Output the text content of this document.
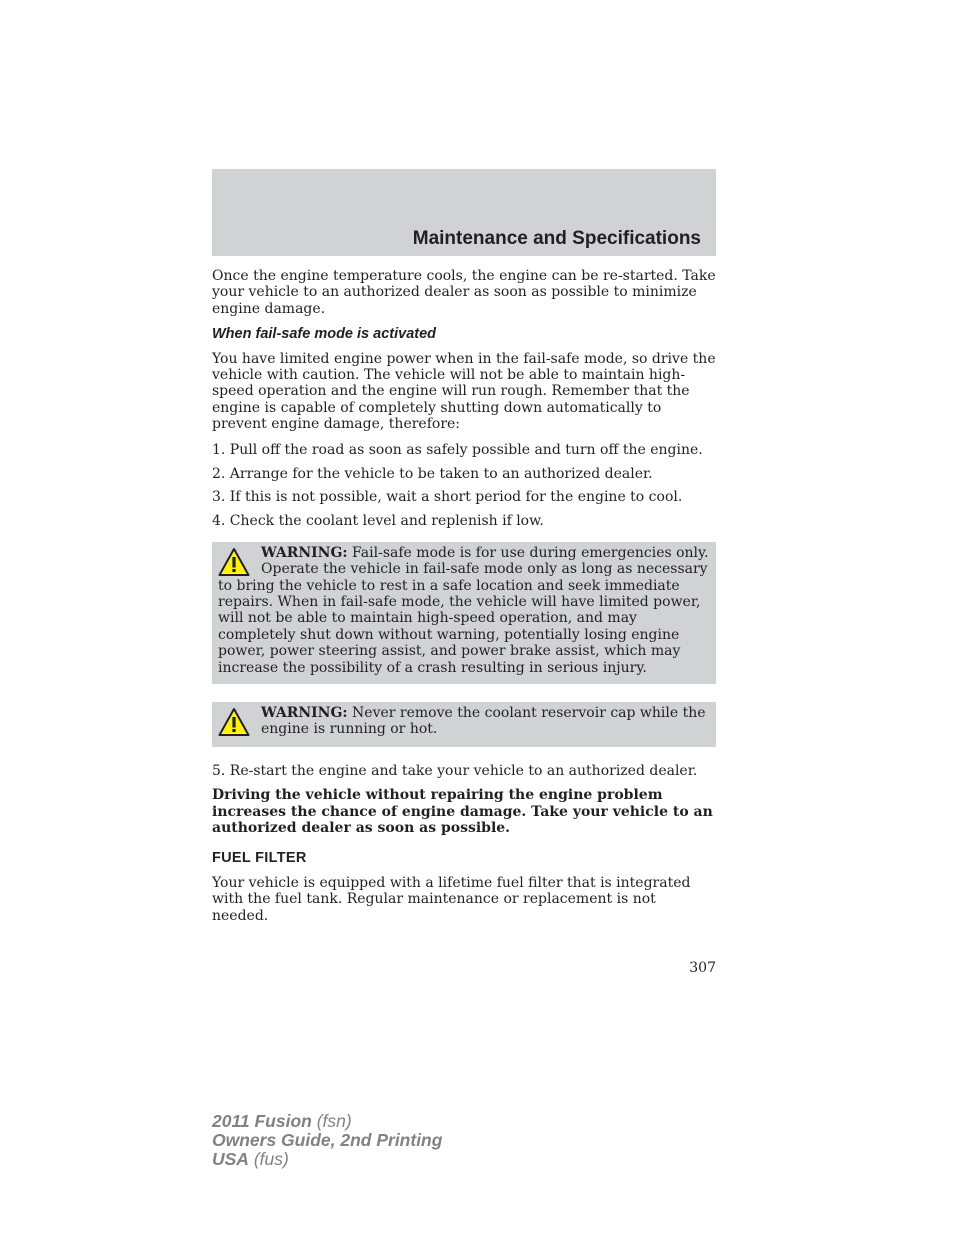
Maintenance and Specifications

Once the engine temperature cools, the engine can be re-started. Take your vehicle to an authorized dealer as soon as possible to minimize engine damage.

When fail-safe mode is activated

You have limited engine power when in the fail-safe mode, so drive the vehicle with caution. The vehicle will not be able to maintain high-speed operation and the engine will run rough. Remember that the engine is capable of completely shutting down automatically to prevent engine damage, therefore:

1. Pull off the road as soon as safely possible and turn off the engine.

2. Arrange for the vehicle to be taken to an authorized dealer.

3. If this is not possible, wait a short period for the engine to cool.

4. Check the coolant level and replenish if low.

WARNING: Fail-safe mode is for use during emergencies only. Operate the vehicle in fail-safe mode only as long as necessary to bring the vehicle to rest in a safe location and seek immediate repairs. When in fail-safe mode, the vehicle will have limited power, will not be able to maintain high-speed operation, and may completely shut down without warning, potentially losing engine power, power steering assist, and power brake assist, which may increase the possibility of a crash resulting in serious injury.
WARNING: Never remove the coolant reservoir cap while the engine is running or hot.

5. Re-start the engine and take your vehicle to an authorized dealer.

Driving the vehicle without repairing the engine problem increases the chance of engine damage. Take your vehicle to an authorized dealer as soon as possible.

FUEL FILTER

Your vehicle is equipped with a lifetime fuel filter that is integrated with the fuel tank. Regular maintenance or replacement is not needed.

307
2011 Fusion (fsn)
Owners Guide, 2nd Printing
USA (fus)
